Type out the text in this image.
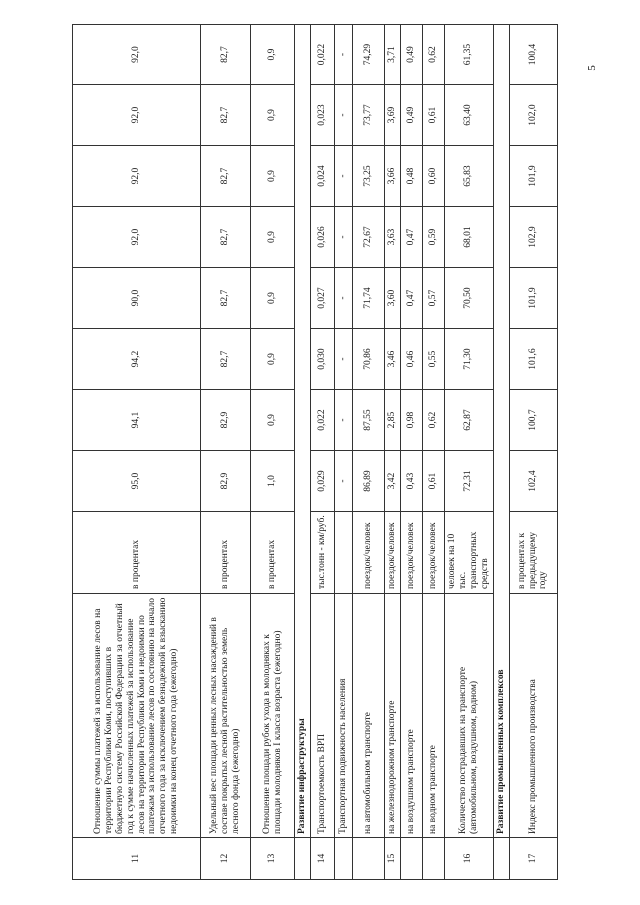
5
11	Отношение суммы платежей за использование лесов на территории Республики Коми, поступивших в бюджетную систему Российской Федерации за отчетный год к сумме начисленных платежей за использование лесов на территории Республики Коми и недоимки по платежам за использование лесов по состоянию на начало отчетного года за исключением безнадежной к взысканию недоимки на конец отчетного года (ежегодно)	в процентах	95,0	94,1	94,2	90,0	92,0	92,0	92,0	92,0
12	Удельный вес площади ценных лесных насаждений в составе покрытых лесной растительностью земель лесного фонда (ежегодно)	в процентах	82,9	82,9	82,7	82,7	82,7	82,7	82,7	82,7
13	Отношение площади рубок ухода в молодняках к площади молодняков I класса возраста (ежегодно)	в процентах	1,0	0,9	0,9	0,9	0,9	0,9	0,9	0,9
	Развитие инфраструктуры									
14	Транспортоемкость ВРП	тыс.тонн - км/руб.	0,029	0,022	0,030	0,027	0,026	0,024	0,023	0,022
	Транспортная подвижность населения		-	-	-	-	-	-	-	-
	на автомобильном транспорте	поездок/человек	86,89	87,55	70,86	71,74	72,67	73,25	73,77	74,29
15	на железнодорожном транспорте	поездок/человек	3,42	2,85	3,46	3,60	3,63	3,66	3,69	3,71
	на воздушном транспорте	поездок/человек	0,43	0,98	0,46	0,47	0,47	0,48	0,49	0,49
	на водном транспорте	поездок/человек	0,61	0,62	0,55	0,57	0,59	0,60	0,61	0,62
16	Количество пострадавших на транспорте (автомобильном, воздушном, водном)	человек на 10 тыс. транспортных средств	72,31	62,87	71,30	70,50	68,01	65,83	63,40	61,35
	Развитие промышленных комплексов									
17	Индекс промышленного производства	в процентах к предыдущему году	102,4	100,7	101,6	101,9	102,9	101,9	102,0	100,4
